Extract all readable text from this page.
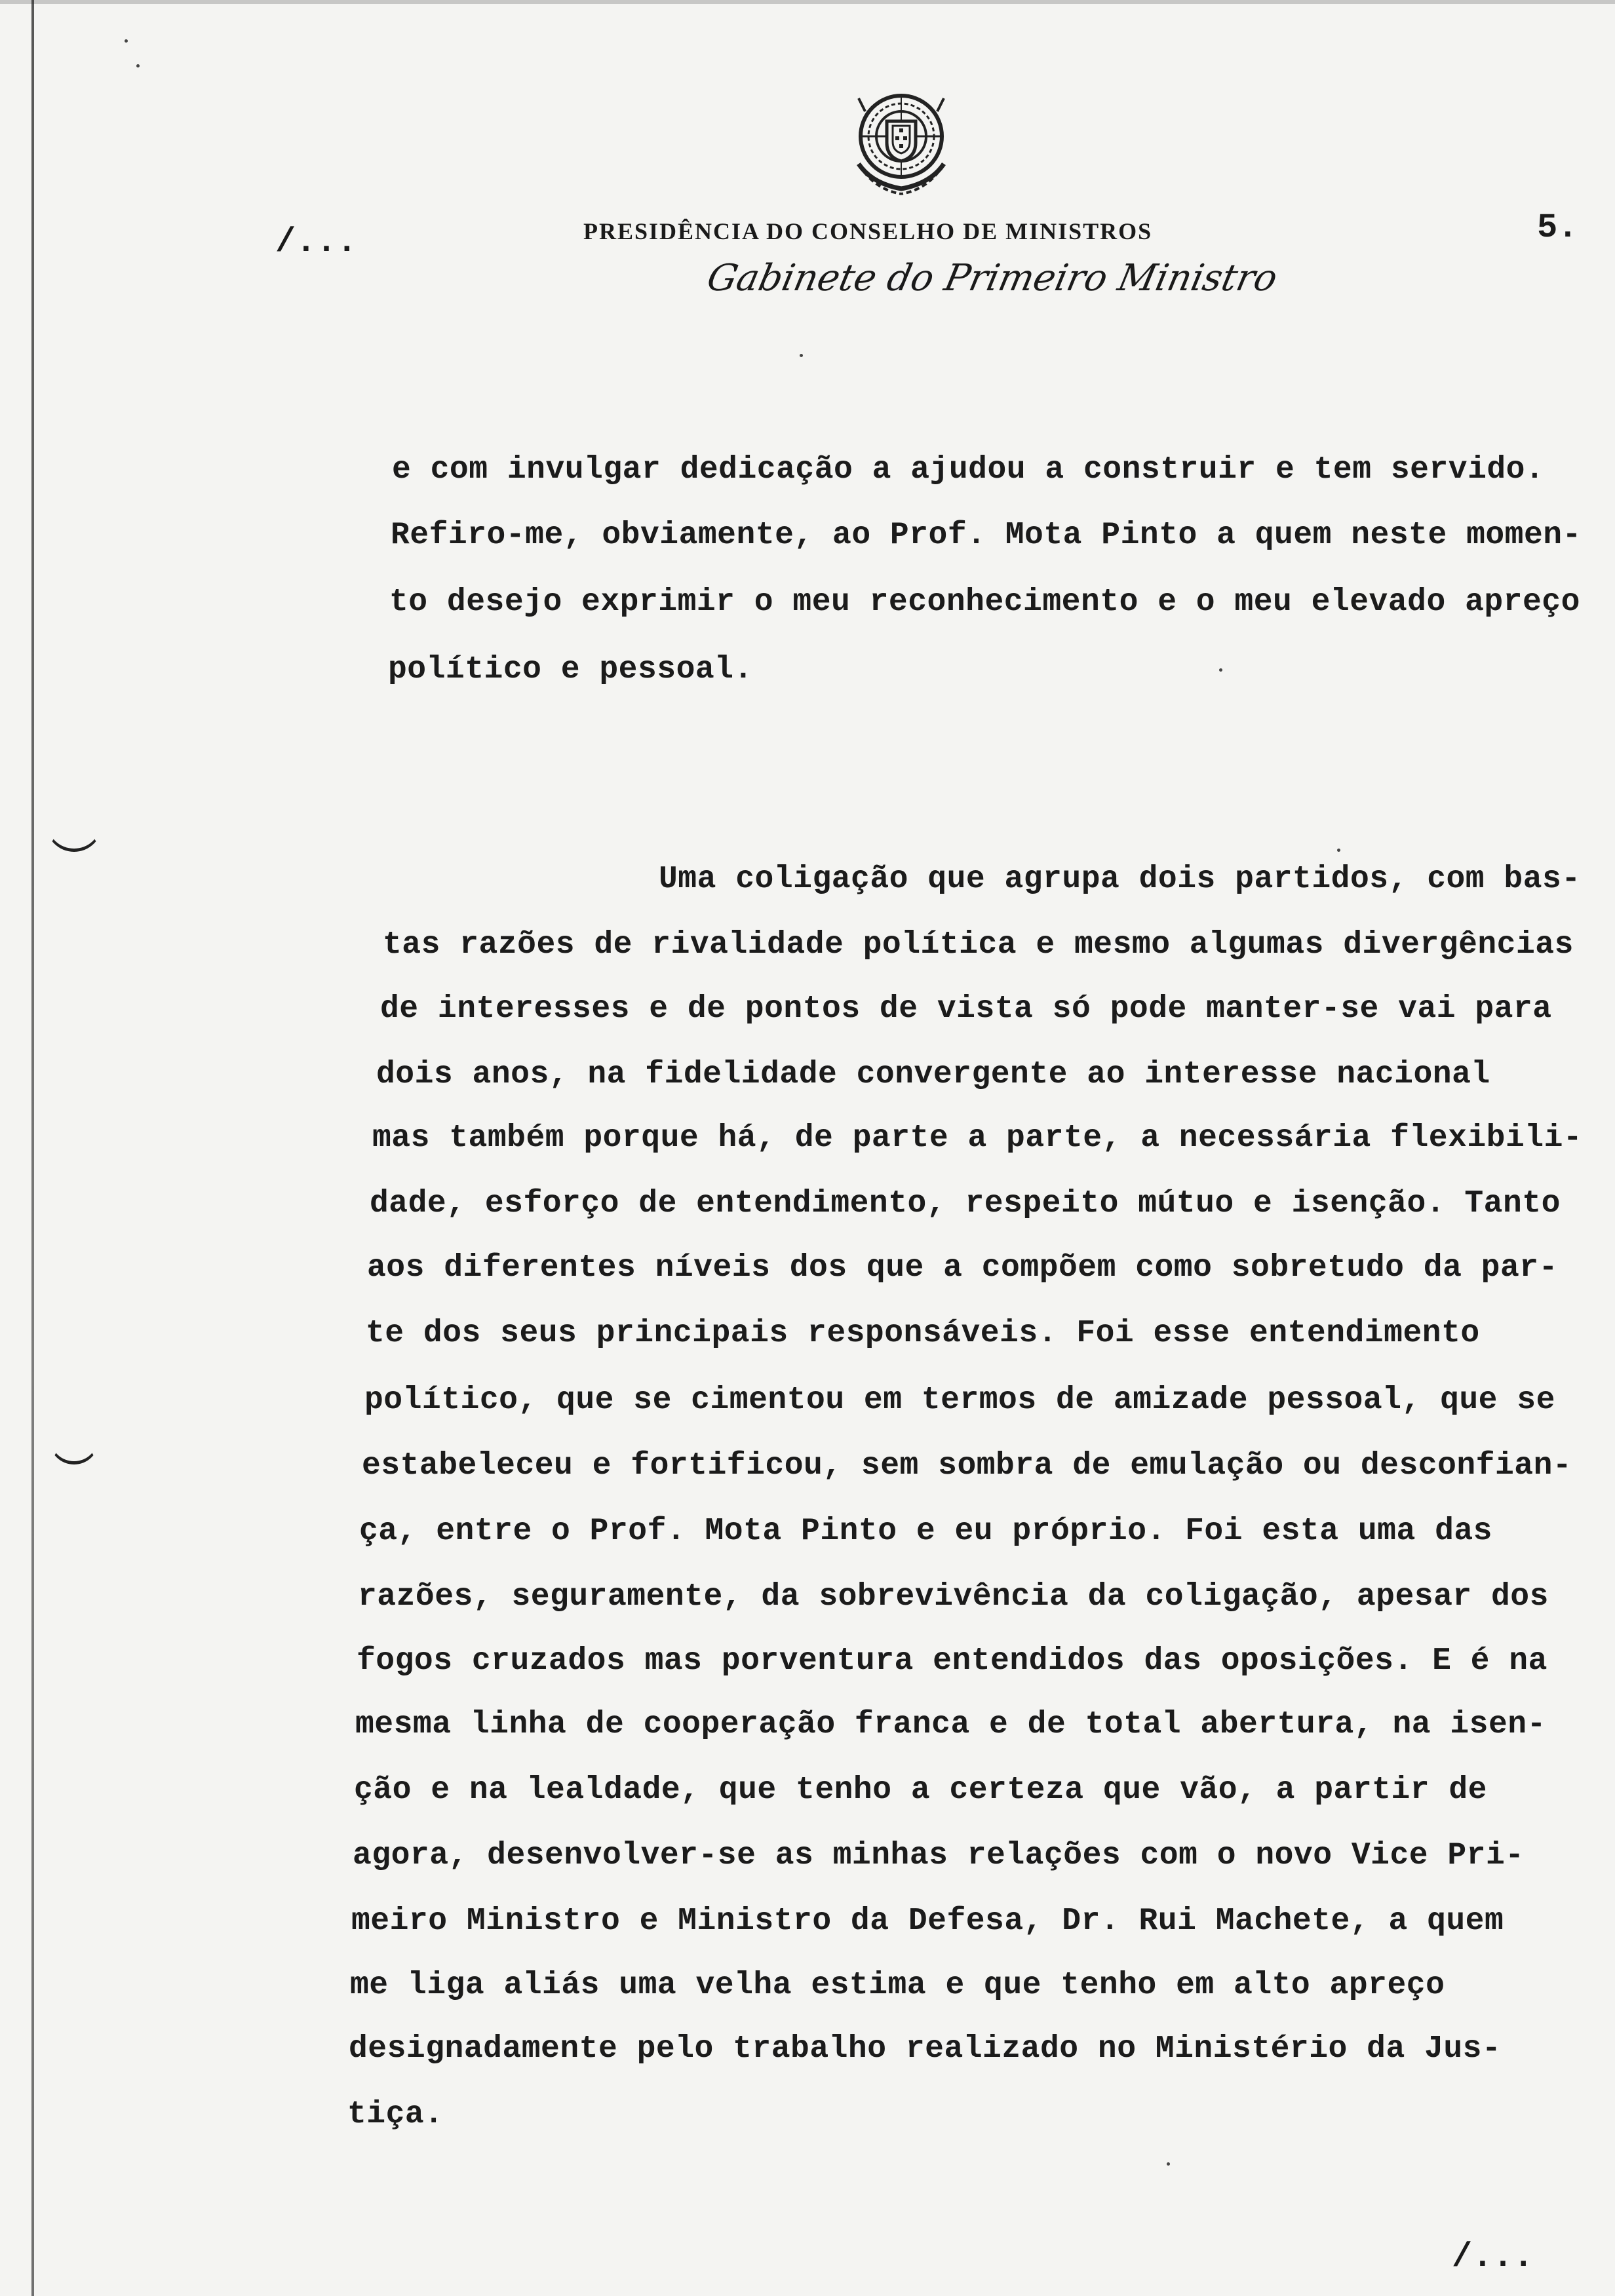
PRESIDÊNCIA DO CONSELHO DE MINISTROS
Gabinete do Primeiro Ministro
/...	5.
e com invulgar dedicação a ajudou a construir e tem servido.
Refiro-me, obviamente, ao Prof. Mota Pinto a quem neste momen-
to desejo exprimir o meu reconhecimento e o meu elevado apreço
político e pessoal.
Uma coligação que agrupa dois partidos, com bas-
tas razões de rivalidade política e mesmo algumas divergências
de interesses e de pontos de vista só pode manter-se vai para
dois anos, na fidelidade convergente ao interesse nacional
mas também porque há, de parte a parte, a necessária flexibili-
dade, esforço de entendimento, respeito mútuo e isenção. Tanto
aos diferentes níveis dos que a compõem como sobretudo da par-
te dos seus principais responsáveis. Foi esse entendimento
político, que se cimentou em termos de amizade pessoal, que se
estabeleceu e fortificou, sem sombra de emulação ou desconfian-
ça, entre o Prof. Mota Pinto e eu próprio. Foi esta uma das
razões, seguramente, da sobrevivência da coligação, apesar dos
fogos cruzados mas porventura entendidos das oposições. E é na
mesma linha de cooperação franca e de total abertura, na isen-
ção e na lealdade, que tenho a certeza que vão, a partir de
agora, desenvolver-se as minhas relações com o novo Vice Pri-
meiro Ministro e Ministro da Defesa, Dr. Rui Machete, a quem
me liga aliás uma velha estima e que tenho em alto apreço
designadamente pelo trabalho realizado no Ministério da Jus-
tiça.
/...
